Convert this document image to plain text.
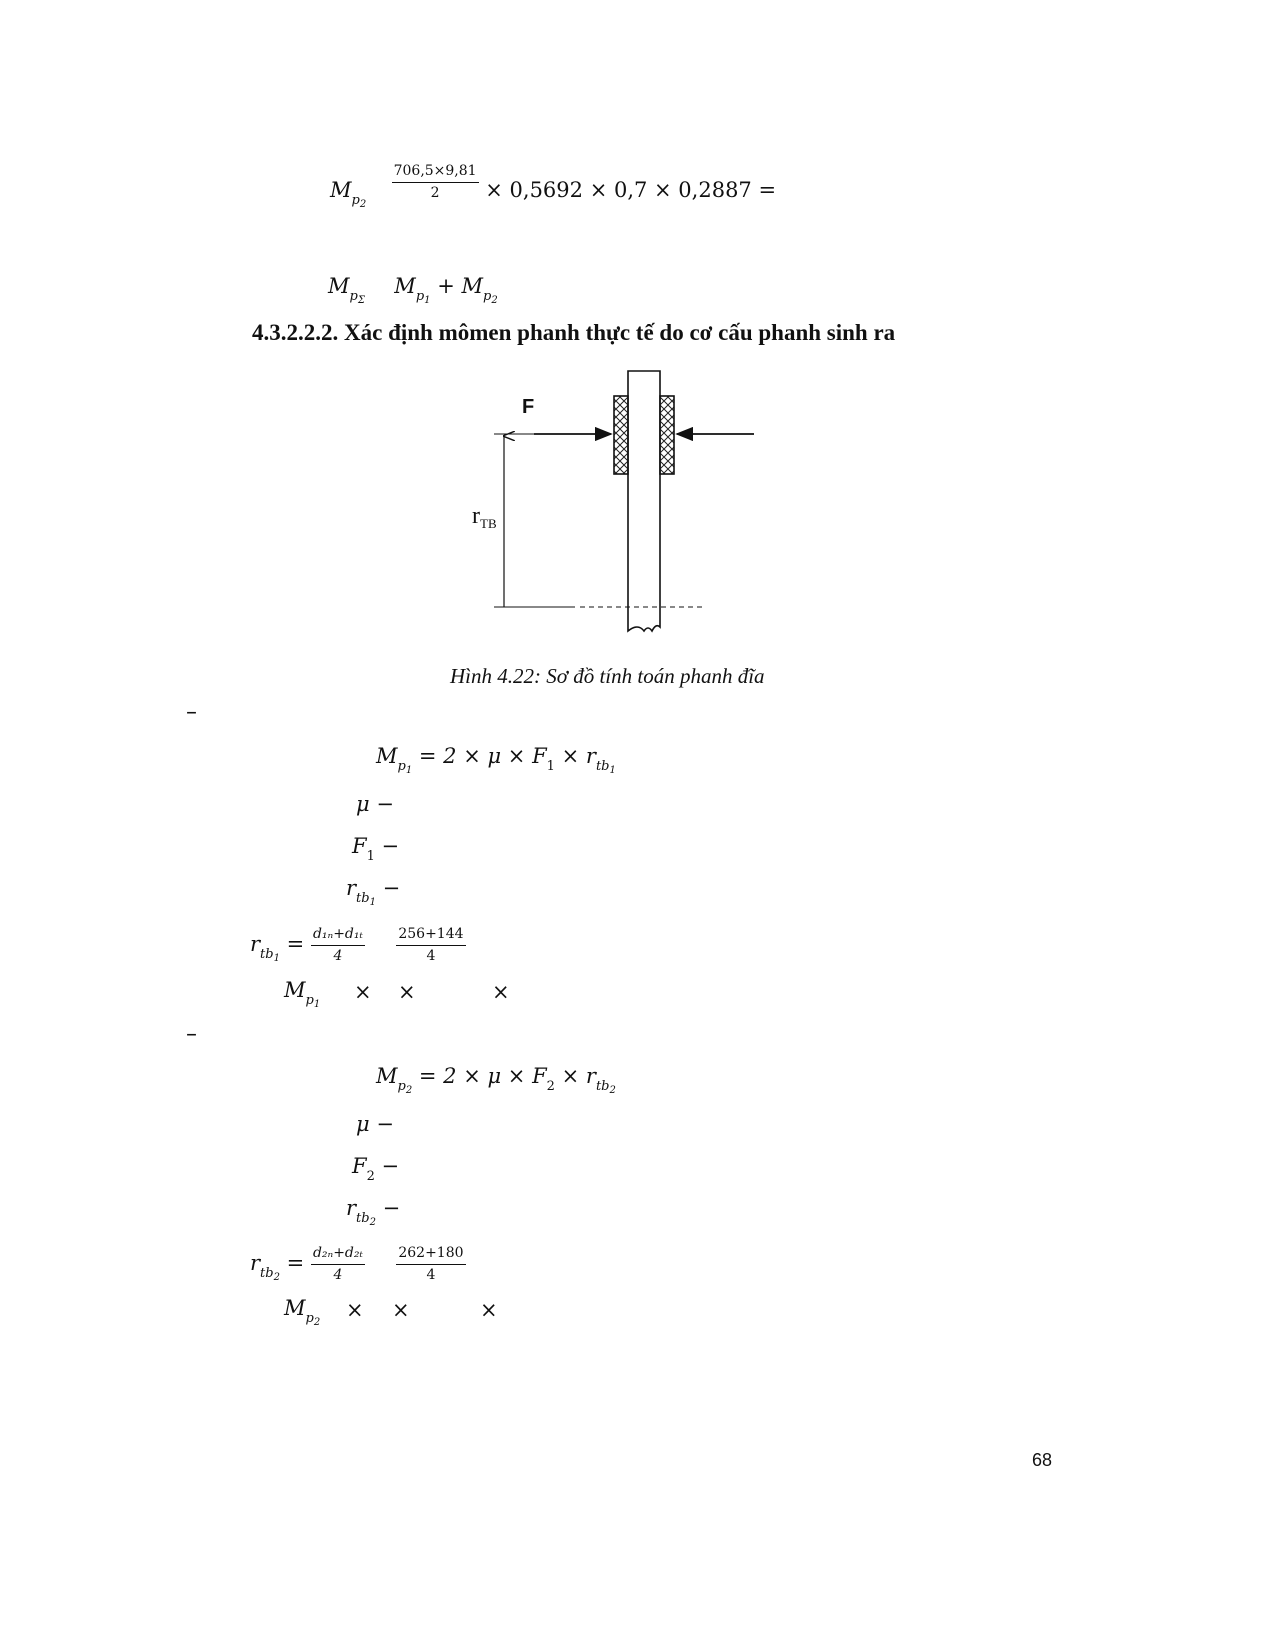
$M_{p_2}$
$\frac{706,5\times 9,81}{2} \times 0,5692 \times 0,7 \times 0,2887$ =
$M_{p_\Sigma}$  $M_{p_1} + M_{p_2}$
4.3.2.2.2. Xác định mômen phanh thực tế do cơ cấu phanh sinh ra
F
$r_{TB}$
Hình 4.22: Sơ đồ tính toán phanh đĩa
–
$M_{p_1} = 2 \times \mu \times F_1 \times r_{tb_1}$
μ −
$F_1$ −
$r_{tb_1}$ −
$r_{tb_1} = \frac{\text{d₁ₙ+d₁ₜ}}{4}$
$\frac{256+144}{4}$
$M_{p_1}$
× ×	×
–
$M_{p_2} = 2 \times \mu \times F_2 \times r_{tb_2}$
μ −
$F_2$ −
$r_{tb_2}$ −
$r_{tb_2} = \frac{\text{d₂ₙ+d₂ₜ}}{4}$
$\frac{262+180}{4}$
$M_{p_2}$
× ×	×
68
